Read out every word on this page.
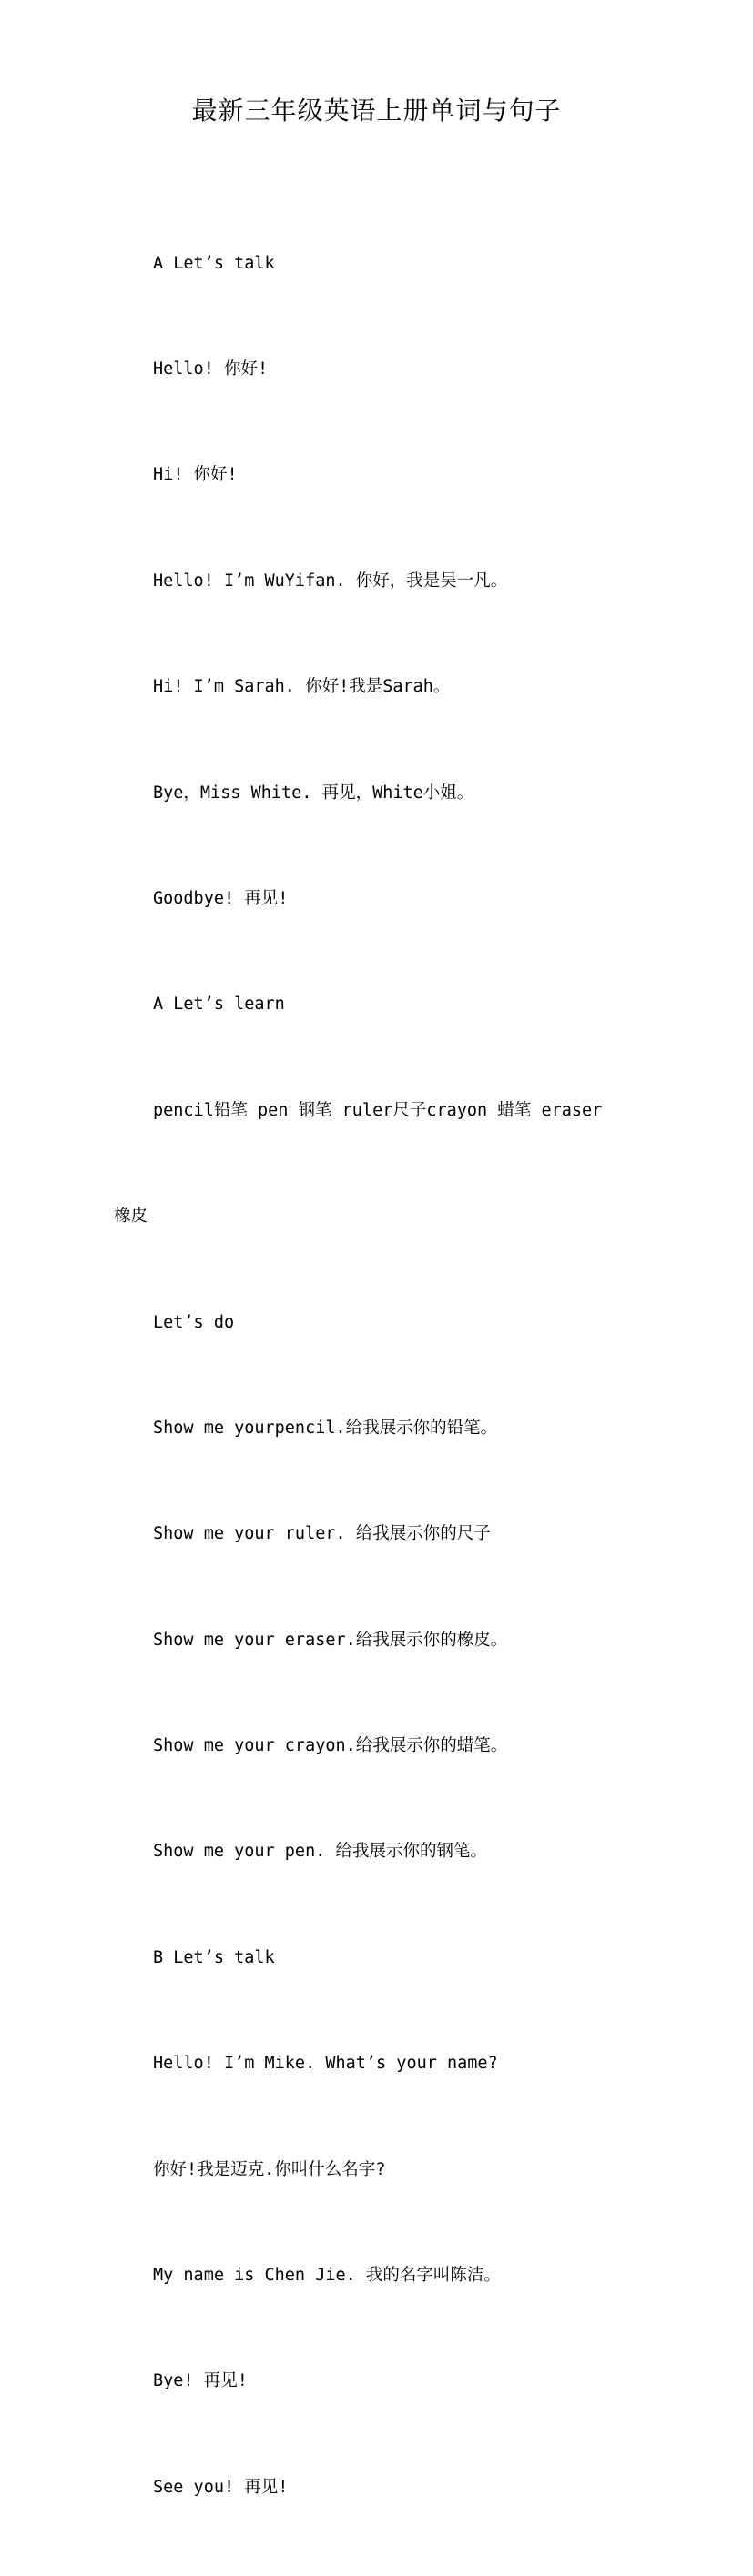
最新三年级英语上册单词与句子

A Let’s talk

Hello! 你好!

Hi! 你好!

Hello! I’m WuYifan. 你好，我是吴一凡。

Hi! I’m Sarah. 你好!我是Sarah。

Bye，Miss White. 再见，White小姐。

Goodbye! 再见!

A Let’s learn

pencil铅笔 pen 钢笔 ruler尺子crayon 蜡笔 eraser

橡皮

Let’s do

Show me yourpencil.给我展示你的铅笔。

Show me your ruler. 给我展示你的尺子

Show me your eraser.给我展示你的橡皮。

Show me your crayon.给我展示你的蜡笔。

Show me your pen. 给我展示你的钢笔。

B Let’s talk

Hello! I’m Mike. What’s your name?

你好!我是迈克.你叫什么名字?

My name is Chen Jie. 我的名字叫陈洁。

Bye! 再见!

See you! 再见!
